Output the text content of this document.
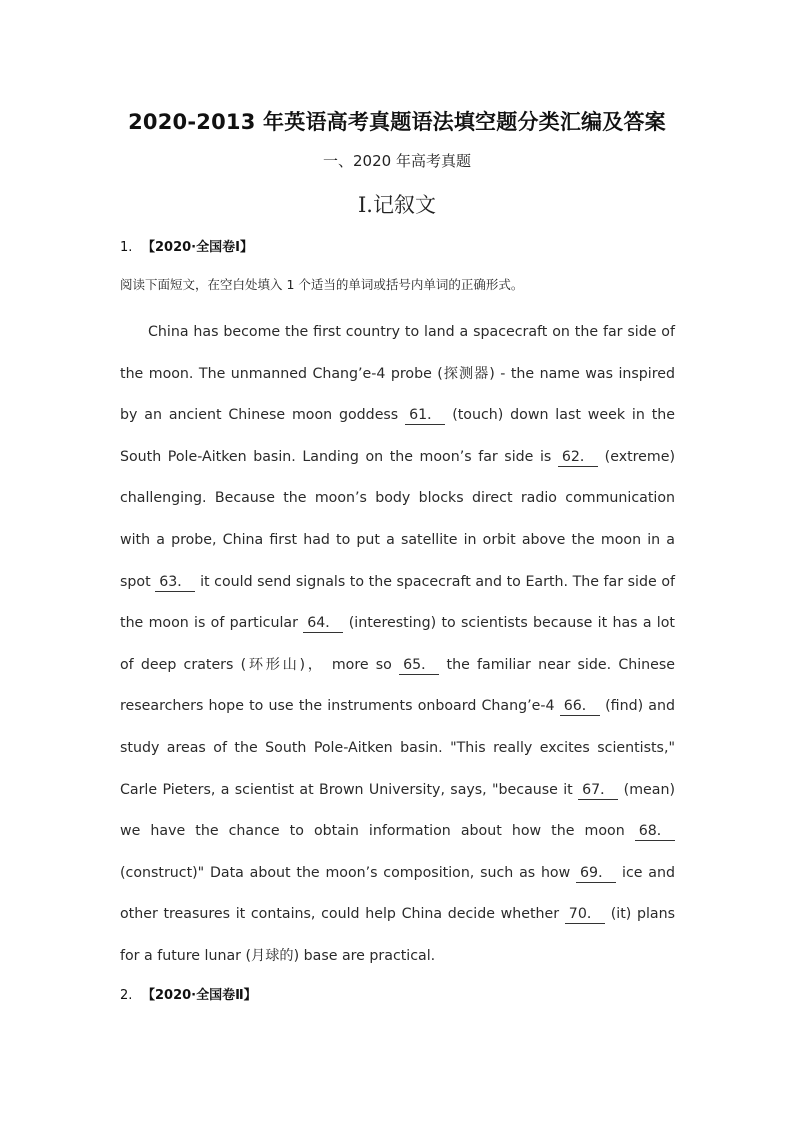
2020-2013 年英语高考真题语法填空题分类汇编及答案
一、2020 年高考真题
I.记叙文
1. 【2020·全国卷Ⅰ】
阅读下面短文，在空白处填入 1 个适当的单词或括号内单词的正确形式。

China has become the first country to land a spacecraft on the far side of the moon. The unmanned Chang’e-4 probe (探测器) - the name was inspired by an ancient Chinese moon goddess 61． (touch) down last week in the South Pole-Aitken basin. Landing on the moon’s far side is 62． (extreme) challenging. Because the moon’s body blocks direct radio communication with a probe, China first had to put a satellite in orbit above the moon in a spot 63． it could send signals to the spacecraft and to Earth. The far side of the moon is of particular 64． (interesting) to scientists because it has a lot of deep craters (环形山)， more so 65． the familiar near side. Chinese researchers hope to use the instruments onboard Chang’e-4 66． (find) and study areas of the South Pole-Aitken basin. "This really excites scientists," Carle Pieters, a scientist at Brown University, says, "because it 67． (mean) we have the chance to obtain information about how the moon 68． (construct)" Data about the moon’s composition, such as how 69． ice and other treasures it contains, could help China decide whether 70． (it) plans for a future lunar (月球的) base are practical.

2. 【2020·全国卷Ⅱ】
